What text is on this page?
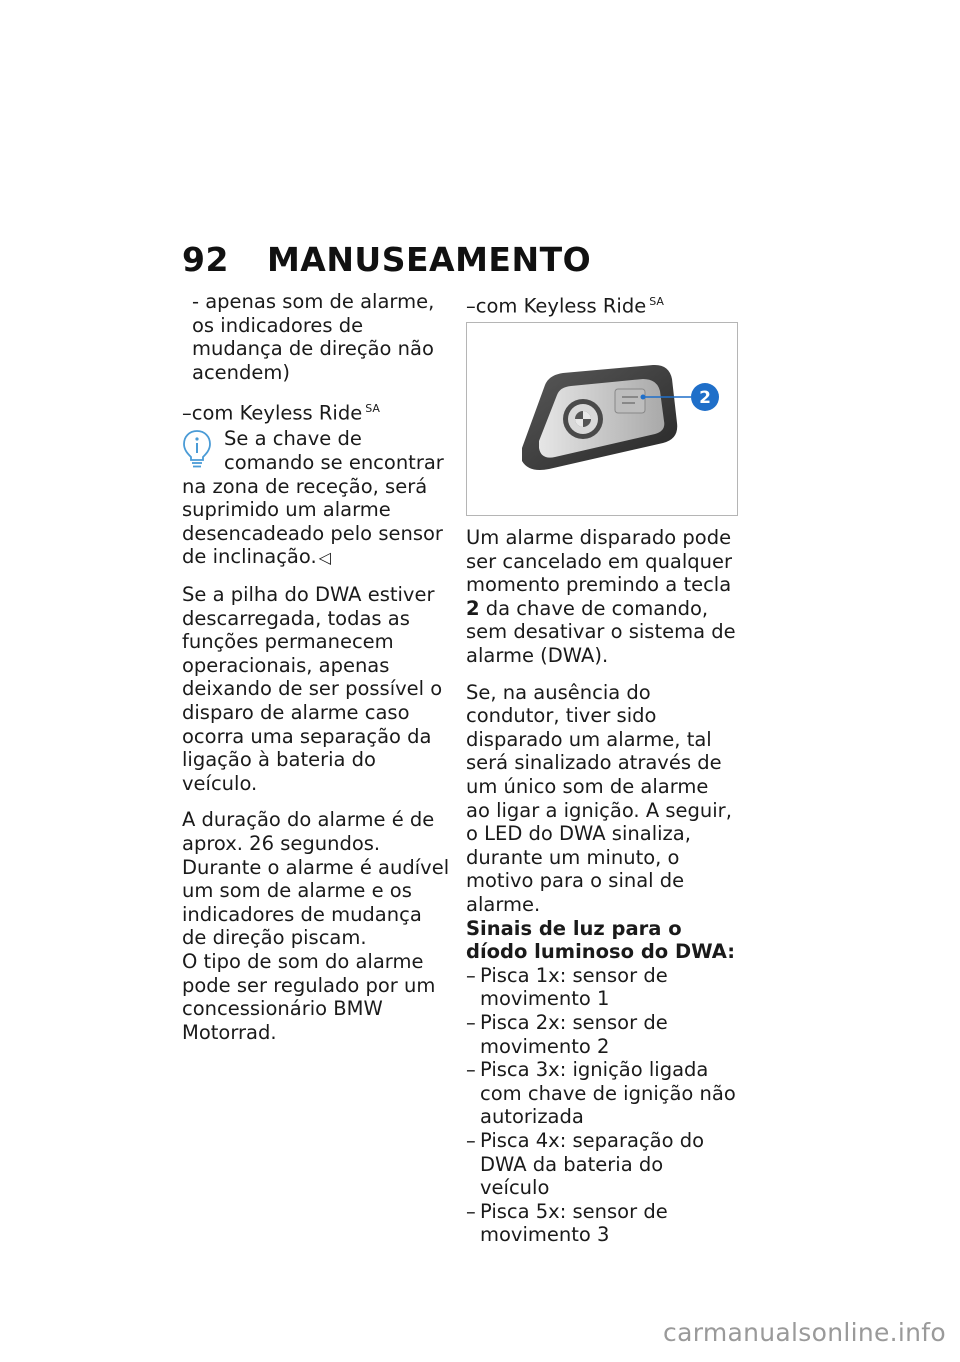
92 MANUSEAMENTO

- apenas som de alarme, os indicadores de mudança de direção não acendem)

–com Keyless Ride $^{SA}$

Se a chave de comando se encontrar na zona de receção, será suprimido um alarme desencadeado pelo sensor de inclinação. ◁

Se a pilha do DWA estiver descarregada, todas as funções permanecem operacionais, apenas deixando de ser possível o disparo de alarme caso ocorra uma separação da ligação à bateria do veículo.

A duração do alarme é de aprox. 26 segundos. Durante o alarme é audível um som de alarme e os indicadores de mudança de direção piscam.

O tipo de som do alarme pode ser regulado por um concessionário BMW Motorrad.

–com Keyless Ride $^{SA}$

2

Um alarme disparado pode ser cancelado em qualquer momento premindo a tecla 2 da chave de comando, sem desativar o sistema de alarme (DWA).

Se, na ausência do condutor, tiver sido disparado um alarme, tal será sinalizado através de um único som de alarme ao ligar a ignição. A seguir, o LED do DWA sinaliza, durante um minuto, o motivo para o sinal de alarme.

Sinais de luz para o díodo luminoso do DWA:

– Pisca 1x: sensor de movimento 1
– Pisca 2x: sensor de movimento 2
– Pisca 3x: ignição ligada com chave de ignição não autorizada
– Pisca 4x: separação do DWA da bateria do veículo
– Pisca 5x: sensor de movimento 3
carmanualsonline.info
